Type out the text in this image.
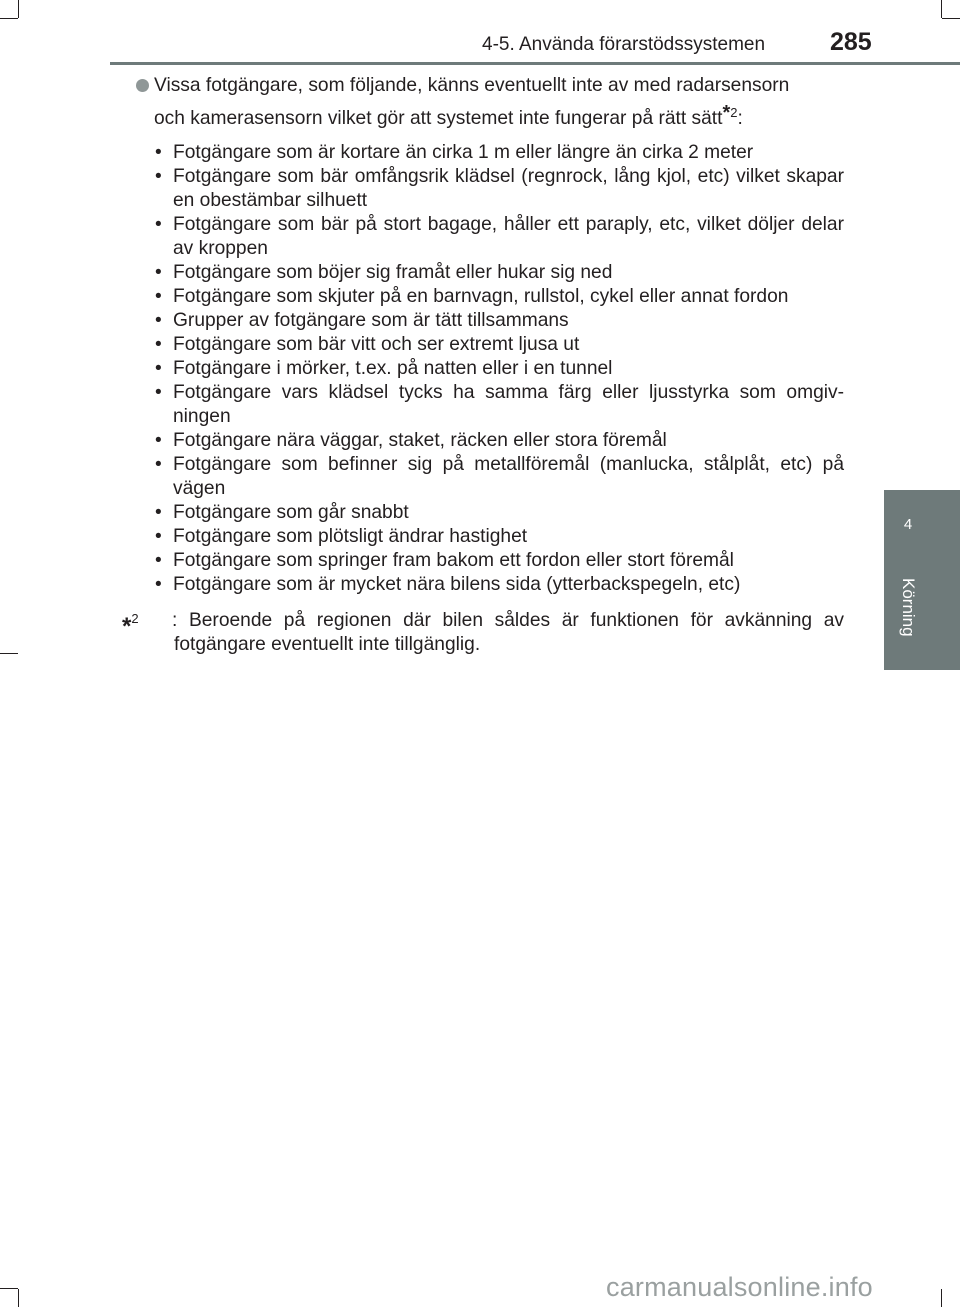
4-5. Använda förarstödssystemen	285
4
Körning

Vissa fotgängare, som följande, känns eventuellt inte av med radarsensorn

och kamerasensorn vilket gör att systemet inte fungerar på rätt sätt$^{*2}$:

• Fotgängare som är kortare än cirka 1 m eller längre än cirka 2 meter
• Fotgängare som bär omfångsrik klädsel (regnrock, lång kjol, etc) vilket skapar en obestämbar silhuett
• Fotgängare som bär på stort bagage, håller ett paraply, etc, vilket döljer delar av kroppen
• Fotgängare som böjer sig framåt eller hukar sig ned
• Fotgängare som skjuter på en barnvagn, rullstol, cykel eller annat fordon
• Grupper av fotgängare som är tätt tillsammans
• Fotgängare som bär vitt och ser extremt ljusa ut
• Fotgängare i mörker, t.ex. på natten eller i en tunnel
• Fotgängare vars klädsel tycks ha samma färg eller ljusstyrka som omgiv-ningen
• Fotgängare nära väggar, staket, räcken eller stora föremål
• Fotgängare som befinner sig på metallföremål (manlucka, stålplåt, etc) på vägen
• Fotgängare som går snabbt
• Fotgängare som plötsligt ändrar hastighet
• Fotgängare som springer fram bakom ett fordon eller stort föremål
• Fotgängare som är mycket nära bilens sida (ytterbackspegeln, etc)
*$^2$	: Beroende på regionen där bilen såldes är funktionen för avkänning av fotgängare eventuellt inte tillgänglig.
carmanualsonline.info
